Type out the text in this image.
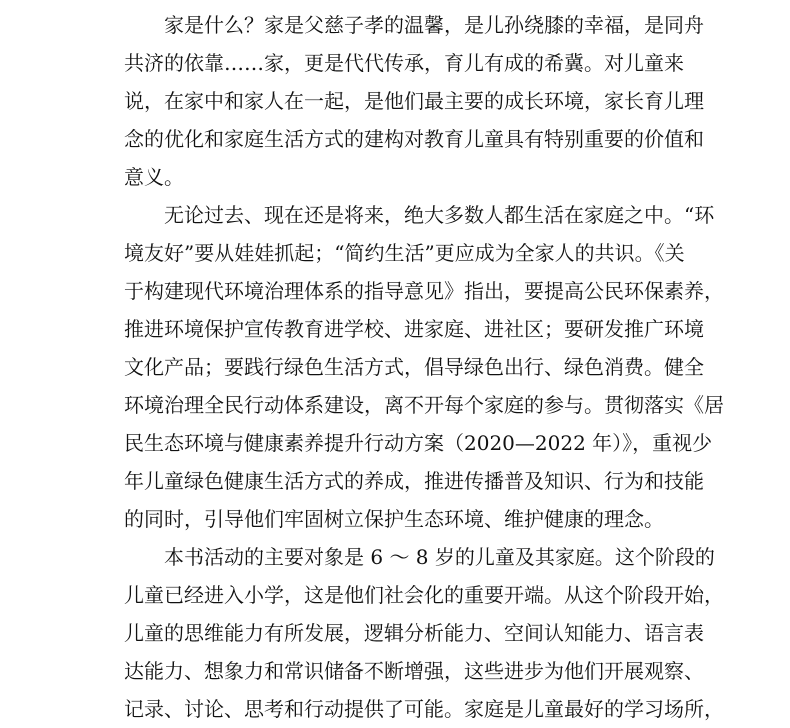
家是什么？家是父慈子孝的温馨，是儿孙绕膝的幸福，是同舟
共济的依靠……家，更是代代传承，育儿有成的希冀。对儿童来
说，在家中和家人在一起，是他们最主要的成长环境，家长育儿理
念的优化和家庭生活方式的建构对教育儿童具有特别重要的价值和
意义。
无论过去、现在还是将来，绝大多数人都生活在家庭之中。“环
境友好”要从娃娃抓起；“简约生活”更应成为全家人的共识。《关
于构建现代环境治理体系的指导意见》指出，要提高公民环保素养，
推进环境保护宣传教育进学校、进家庭、进社区；要研发推广环境
文化产品；要践行绿色生活方式，倡导绿色出行、绿色消费。健全
环境治理全民行动体系建设，离不开每个家庭的参与。贯彻落实《居
民生态环境与健康素养提升行动方案（2020—2022 年）》，重视少
年儿童绿色健康生活方式的养成，推进传播普及知识、行为和技能
的同时，引导他们牢固树立保护生态环境、维护健康的理念。
本书活动的主要对象是 6 ～ 8 岁的儿童及其家庭。这个阶段的
儿童已经进入小学，这是他们社会化的重要开端。从这个阶段开始，
儿童的思维能力有所发展，逻辑分析能力、空间认知能力、语言表
达能力、想象力和常识储备不断增强，这些进步为他们开展观察、
记录、讨论、思考和行动提供了可能。家庭是儿童最好的学习场所，
